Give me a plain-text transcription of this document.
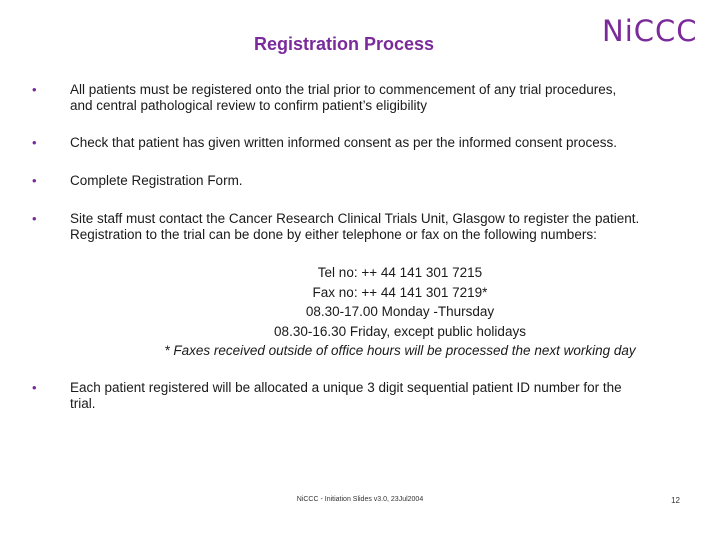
Registration Process	NiCCC
• All patients must be registered onto the trial prior to commencement of any trial procedures,
and central pathological review to confirm patient’s eligibility
• Check that patient has given written informed consent as per the informed consent process.
• Complete Registration Form.
• Site staff must contact the Cancer Research Clinical Trials Unit, Glasgow to register the patient.
Registration to the trial can be done by either telephone or fax on the following numbers:
Tel no: ++ 44 141 301 7215
Fax no: ++ 44 141 301 7219*
08.30-17.00 Monday -Thursday
08.30-16.30 Friday, except public holidays
* Faxes received outside of office hours will be processed the next working day
• Each patient registered will be allocated a unique 3 digit sequential patient ID number for the
trial.
NiCCC - Initiation Slides v3.0, 23Jul2004	12
